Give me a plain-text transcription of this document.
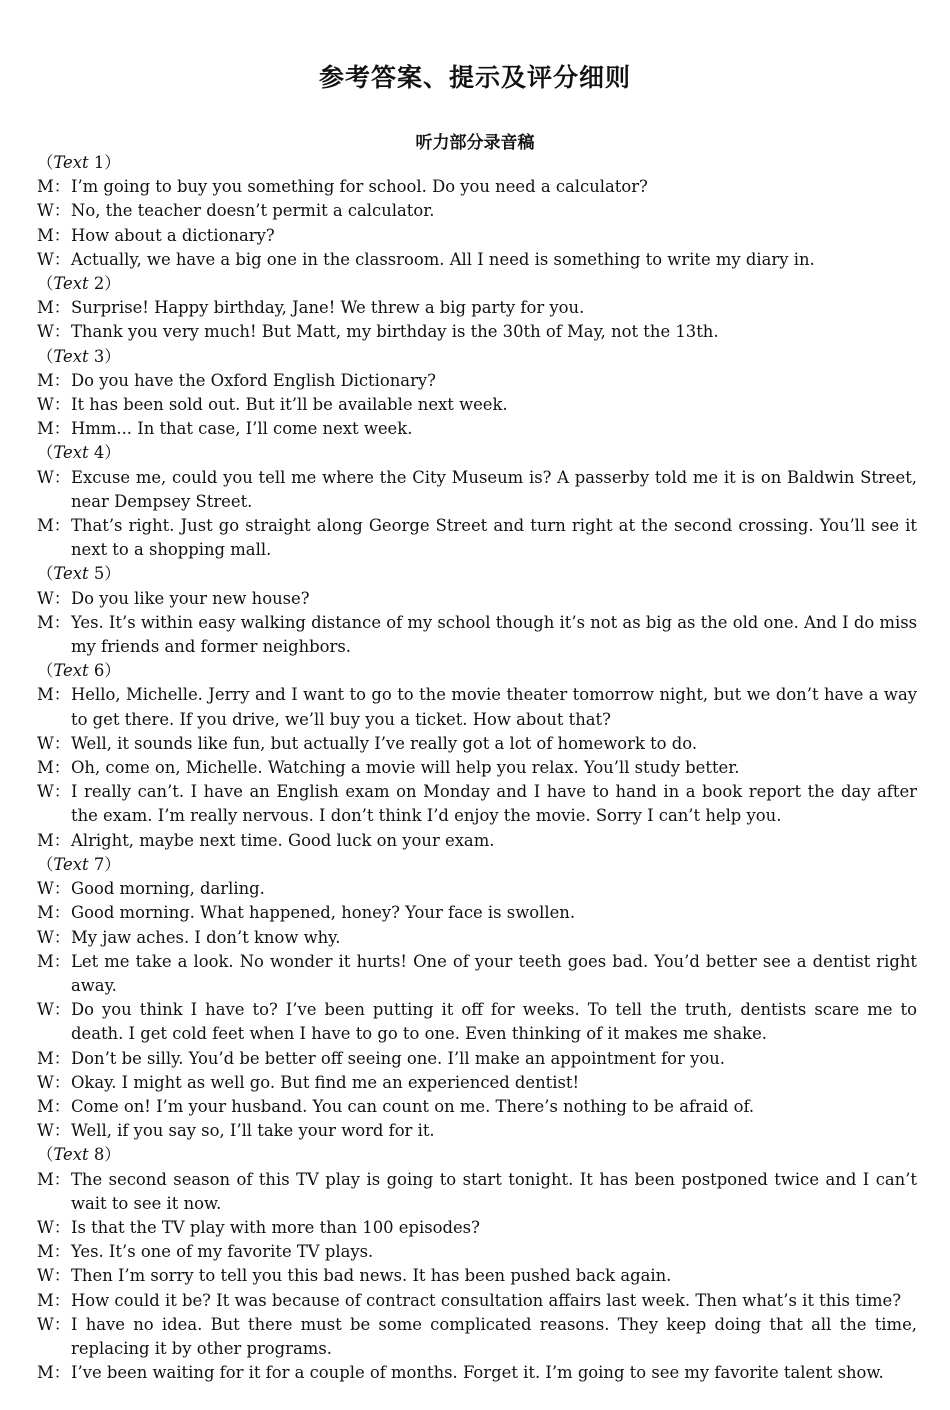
参考答案、提示及评分细则
听力部分录音稿
（Text 1）
M： I’m going to buy you something for school. Do you need a calculator?
W： No, the teacher doesn’t permit a calculator.
M： How about a dictionary?
W： Actually, we have a big one in the classroom. All I need is something to write my diary in.
（Text 2）
M： Surprise! Happy birthday, Jane! We threw a big party for you.
W： Thank you very much! But Matt, my birthday is the 30th of May, not the 13th.
（Text 3）
M： Do you have the Oxford English Dictionary?
W： It has been sold out. But it’ll be available next week.
M： Hmm... In that case, I’ll come next week.
（Text 4）
W： Excuse me, could you tell me where the City Museum is? A passerby told me it is on Baldwin Street, near Dempsey Street.
M： That’s right. Just go straight along George Street and turn right at the second crossing. You’ll see it next to a shopping mall.
（Text 5）
W： Do you like your new house?
M： Yes. It’s within easy walking distance of my school though it’s not as big as the old one. And I do miss my friends and former neighbors.
（Text 6）
M： Hello, Michelle. Jerry and I want to go to the movie theater tomorrow night, but we don’t have a way to get there. If you drive, we’ll buy you a ticket. How about that?
W： Well, it sounds like fun, but actually I’ve really got a lot of homework to do.
M： Oh, come on, Michelle. Watching a movie will help you relax. You’ll study better.
W： I really can’t. I have an English exam on Monday and I have to hand in a book report the day after the exam. I’m really nervous. I don’t think I’d enjoy the movie. Sorry I can’t help you.
M： Alright, maybe next time. Good luck on your exam.
（Text 7）
W： Good morning, darling.
M： Good morning. What happened, honey? Your face is swollen.
W： My jaw aches. I don’t know why.
M： Let me take a look. No wonder it hurts! One of your teeth goes bad. You’d better see a dentist right away.
W： Do you think I have to? I’ve been putting it off for weeks. To tell the truth, dentists scare me to death. I get cold feet when I have to go to one. Even thinking of it makes me shake.
M： Don’t be silly. You’d be better off seeing one. I’ll make an appointment for you.
W： Okay. I might as well go. But find me an experienced dentist!
M： Come on! I’m your husband. You can count on me. There’s nothing to be afraid of.
W： Well, if you say so, I’ll take your word for it.
（Text 8）
M： The second season of this TV play is going to start tonight. It has been postponed twice and I can’t wait to see it now.
W： Is that the TV play with more than 100 episodes?
M： Yes. It’s one of my favorite TV plays.
W： Then I’m sorry to tell you this bad news. It has been pushed back again.
M： How could it be? It was because of contract consultation affairs last week. Then what’s it this time?
W： I have no idea. But there must be some complicated reasons. They keep doing that all the time, replacing it by other programs.
M： I’ve been waiting for it for a couple of months. Forget it. I’m going to see my favorite talent show.
